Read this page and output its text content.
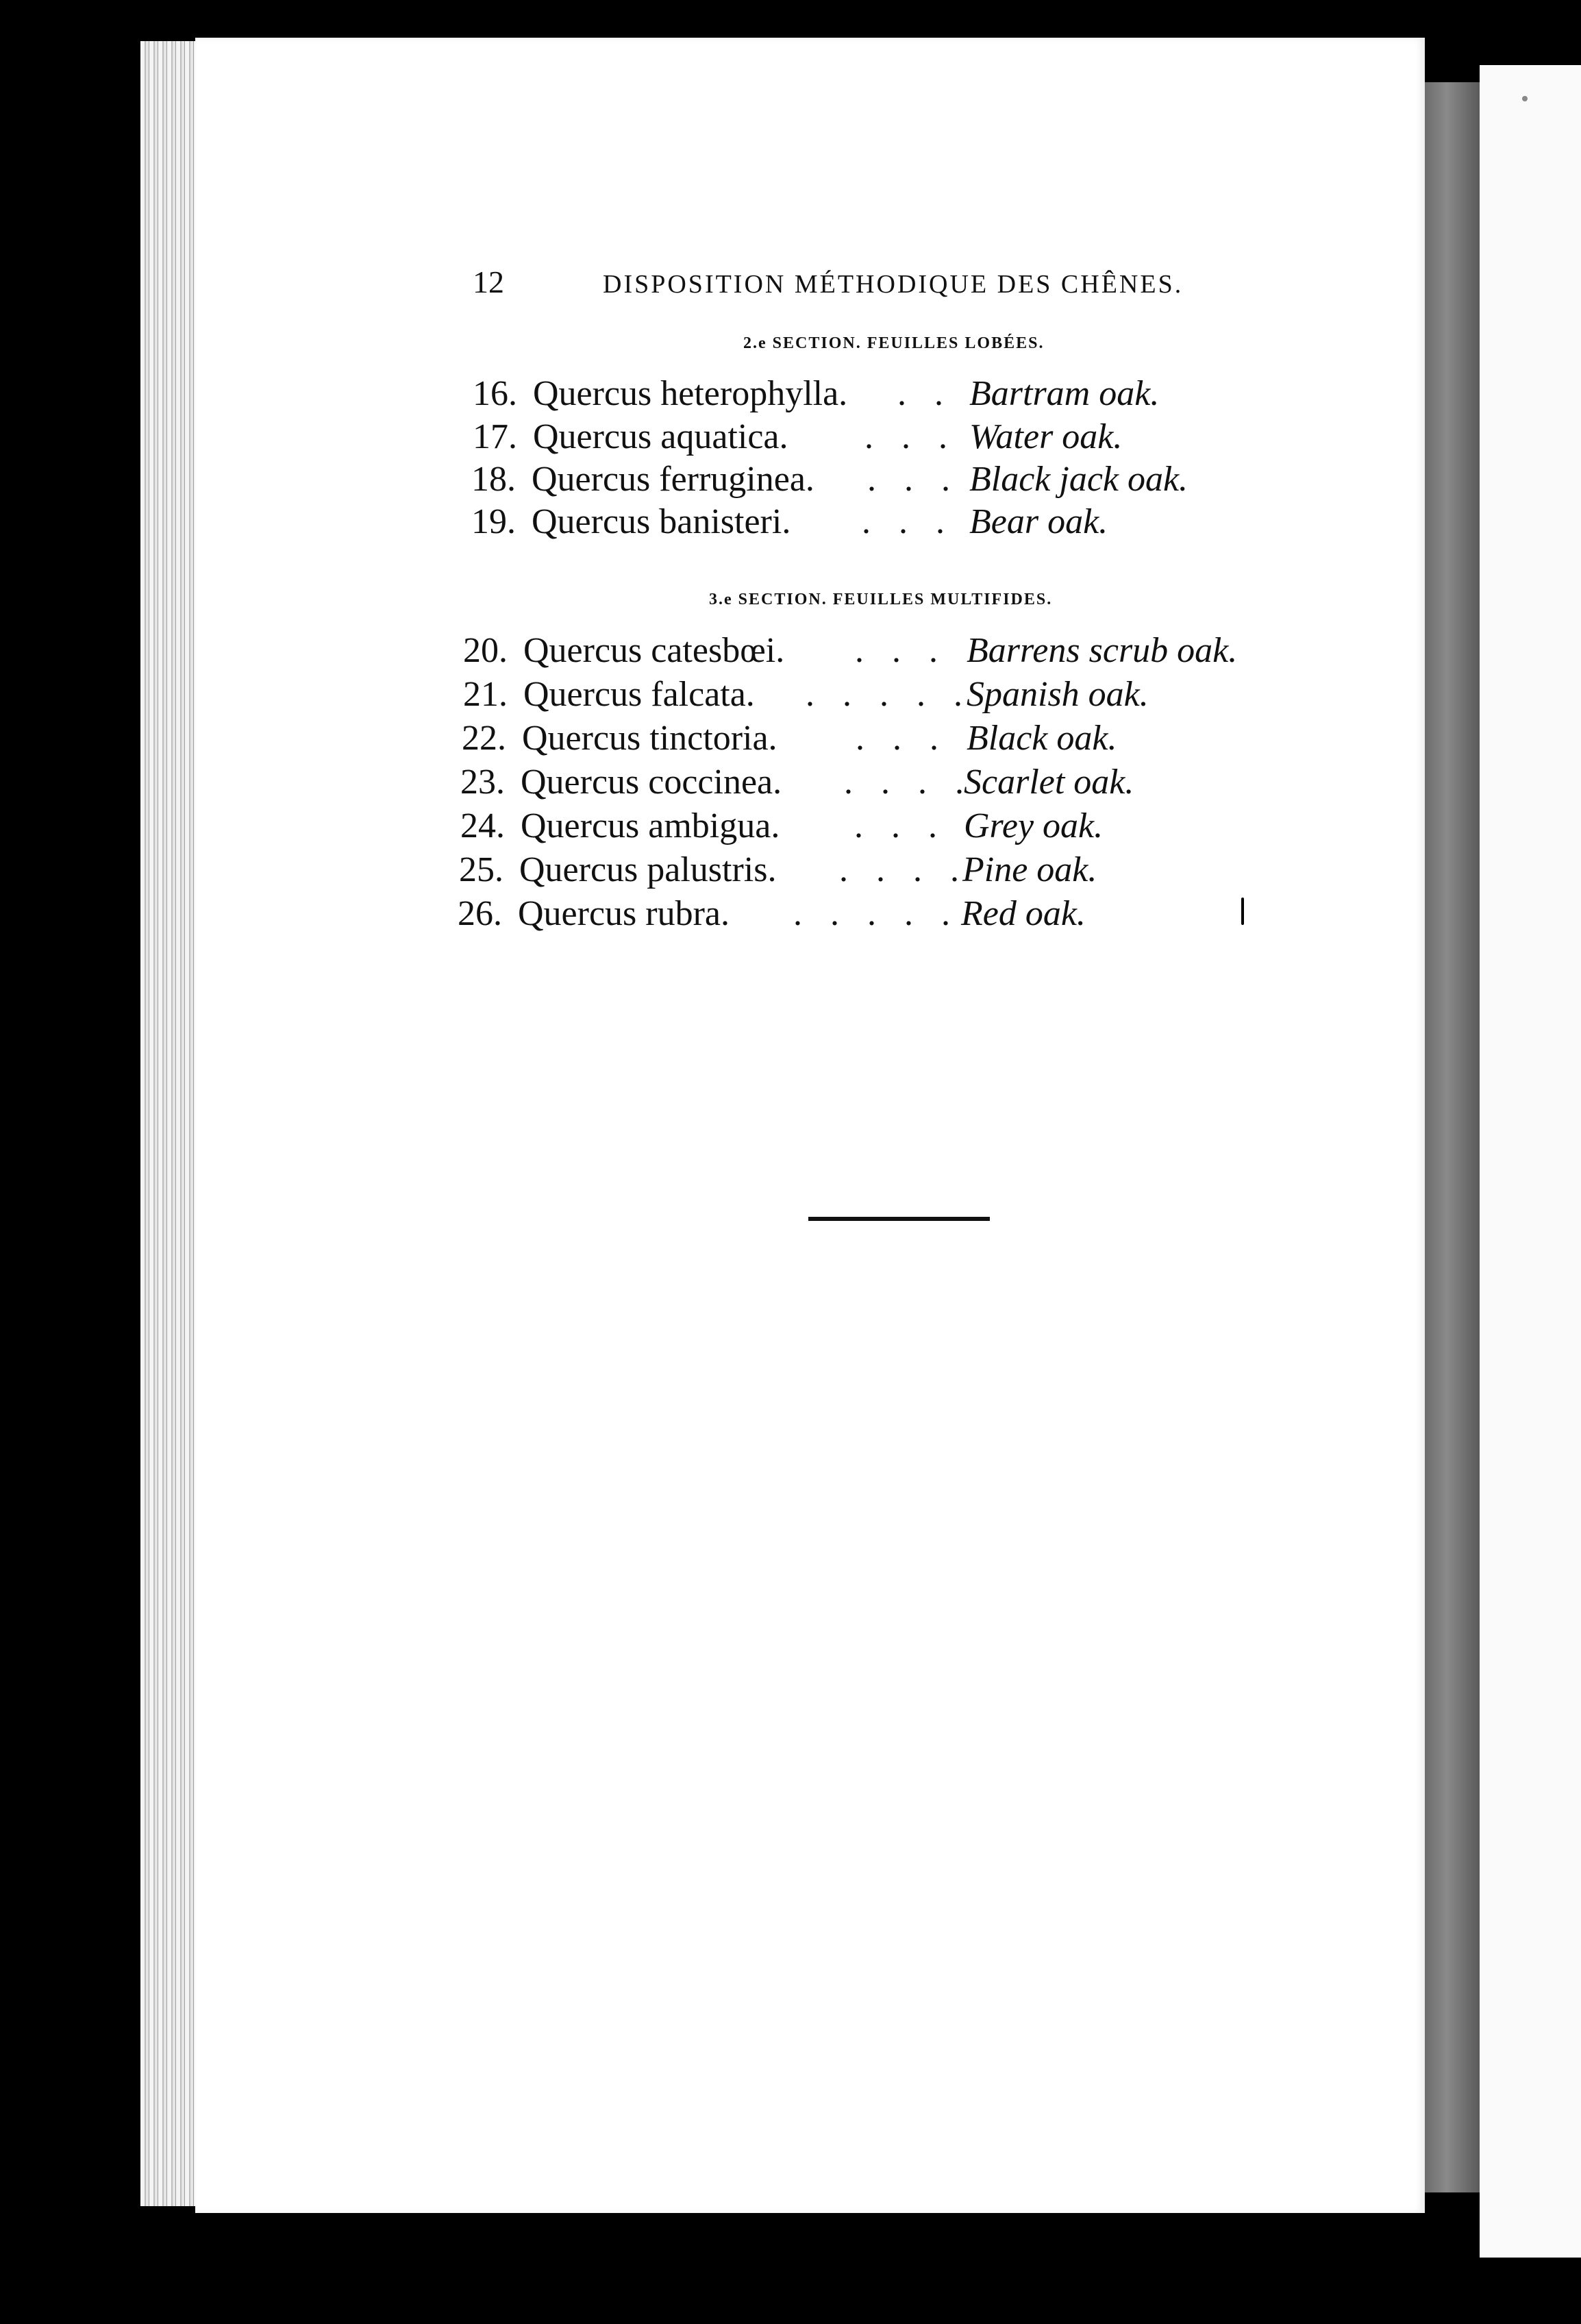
12	DISPOSITION MÉTHODIQUE DES CHÊNES.
2.e SECTION. FEUILLES LOBÉES.
16. Quercus heterophylla. . . Bartram oak.
17. Quercus aquatica. . . . Water oak.
18. Quercus ferruginea. . . . Black jack oak.
19. Quercus banisteri. . . . Bear oak.
3.e SECTION. FEUILLES MULTIFIDES.
20. Quercus catesbœi. . . . Barrens scrub oak.
21. Quercus falcata. . . . . .
Spanish oak.
22. Quercus tinctoria. . . . Black oak.
23. Quercus coccinea. . . . .
Scarlet oak.
24. Quercus ambigua. . . . Grey oak.
25. Quercus palustris. . . . .
Pine oak.
26. Quercus rubra. . . . . . Red oak.
